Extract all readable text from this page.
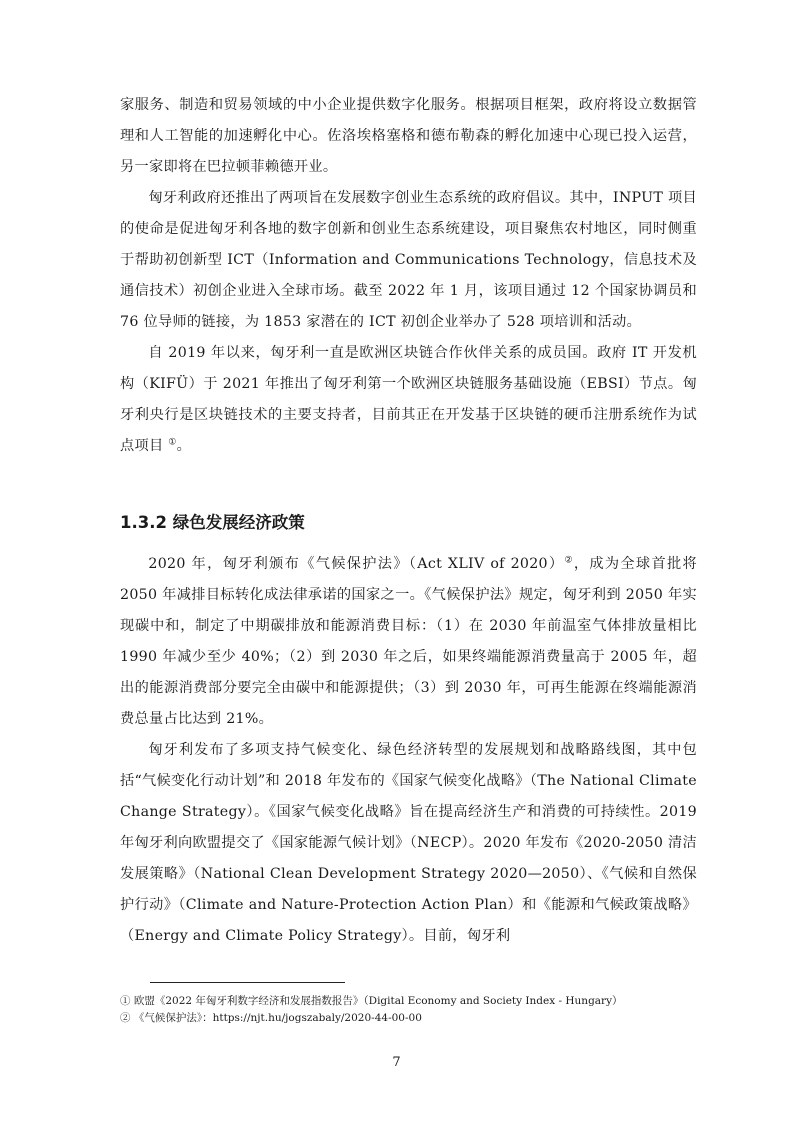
家服务、制造和贸易领域的中小企业提供数字化服务。根据项目框架，政府将设立数据管理和人工智能的加速孵化中心。佐洛埃格塞格和德布勒森的孵化加速中心现已投入运营，另一家即将在巴拉顿菲赖德开业。

匈牙利政府还推出了两项旨在发展数字创业生态系统的政府倡议。其中，INPUT 项目的使命是促进匈牙利各地的数字创新和创业生态系统建设，项目聚焦农村地区，同时侧重于帮助初创新型 ICT（Information and Communications Technology，信息技术及通信技术）初创企业进入全球市场。截至 2022 年 1 月，该项目通过 12 个国家协调员和 76 位导师的链接，为 1853 家潜在的 ICT 初创企业举办了 528 项培训和活动。

自 2019 年以来，匈牙利一直是欧洲区块链合作伙伴关系的成员国。政府 IT 开发机构（KIFÜ）于 2021 年推出了匈牙利第一个欧洲区块链服务基础设施（EBSI）节点。匈牙利央行是区块链技术的主要支持者，目前其正在开发基于区块链的硬币注册系统作为试点项目 ①。

1.3.2 绿色发展经济政策

2020 年，匈牙利颁布《气候保护法》（Act XLIV of 2020）②，成为全球首批将 2050 年减排目标转化成法律承诺的国家之一。《气候保护法》规定，匈牙利到 2050 年实现碳中和，制定了中期碳排放和能源消费目标：（1）在 2030 年前温室气体排放量相比 1990 年减少至少 40%；（2）到 2030 年之后，如果终端能源消费量高于 2005 年，超出的能源消费部分要完全由碳中和能源提供；（3）到 2030 年，可再生能源在终端能源消费总量占比达到 21%。

匈牙利发布了多项支持气候变化、绿色经济转型的发展规划和战略路线图，其中包括“气候变化行动计划”和 2018 年发布的《国家气候变化战略》（The National Climate Change Strategy）。《国家气候变化战略》旨在提高经济生产和消费的可持续性。2019 年匈牙利向欧盟提交了《国家能源气候计划》（NECP）。2020 年发布《2020-2050 清洁发展策略》（National Clean Development Strategy 2020—2050）、《气候和自然保护行动》（Climate and Nature-Protection Action Plan）和《能源和气候政策战略》（Energy and Climate Policy Strategy）。目前，匈牙利

① 欧盟《2022 年匈牙利数字经济和发展指数报告》（Digital Economy and Society Index - Hungary）

② 《气候保护法》：https://njt.hu/jogszabaly/2020-44-00-00

7
